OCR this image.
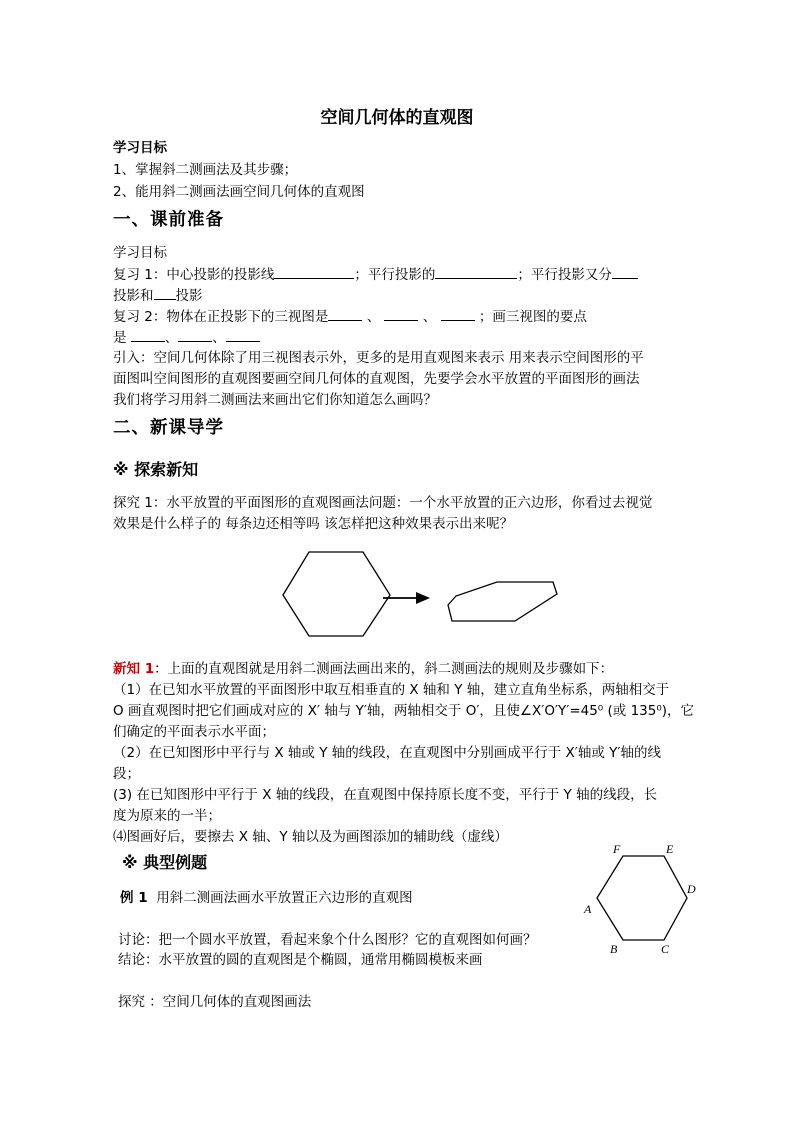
空间几何体的直观图
学习目标
1、掌握斜二测画法及其步骤；
2、能用斜二测画法画空间几何体的直观图
一、课前准备
学习目标
复习 1：中心投影的投影线	；平行投影的	；平行投影又分
投影和 投影
复习 2：物体在正投影下的三视图是	、	、	；画三视图的要点
是	、	、
引入：空间几何体除了用三视图表示外，更多的是用直观图来表示 用来表示空间图形的平
面图叫空间图形的直观图要画空间几何体的直观图，先要学会水平放置的平面图形的画法
我们将学习用斜二测画法来画出它们你知道怎么画吗？
二、新课导学
※ 探索新知
探究 1：水平放置的平面图形的直观图画法问题：一个水平放置的正六边形，你看过去视觉
效果是什么样子的 每条边还相等吗 该怎样把这种效果表示出来呢？
新知 1：上面的直观图就是用斜二测画法画出来的，斜二测画法的规则及步骤如下：
（1）在已知水平放置的平面图形中取互相垂直的 X 轴和 Y 轴，建立直角坐标系，两轴相交于
O 画直观图时把它们画成对应的 X′ 轴与 Y′轴，两轴相交于 O′，且使∠X′O′Y′=45⁰ (或 135⁰)，它
们确定的平面表示水平面；
（2）在已知图形中平行与 X 轴或 Y 轴的线段，在直观图中分别画成平行于 X′轴或 Y′轴的线
段；
(3) 在已知图形中平行于 X 轴的线段，在直观图中保持原长度不变，平行于 Y 轴的线段，长
度为原来的一半；
⑷图画好后，要擦去 X 轴、Y 轴以及为画图添加的辅助线（虚线）
※ 典型例题
例 1 用斜二测画法画水平放置正六边形的直观图
讨论：把一个圆水平放置，看起来象个什么图形？它的直观图如何画？
结论：水平放置的圆的直观图是个椭圆，通常用椭圆模板来画
探究 ：空间几何体的直观图画法
A
B	C
D
E
F
